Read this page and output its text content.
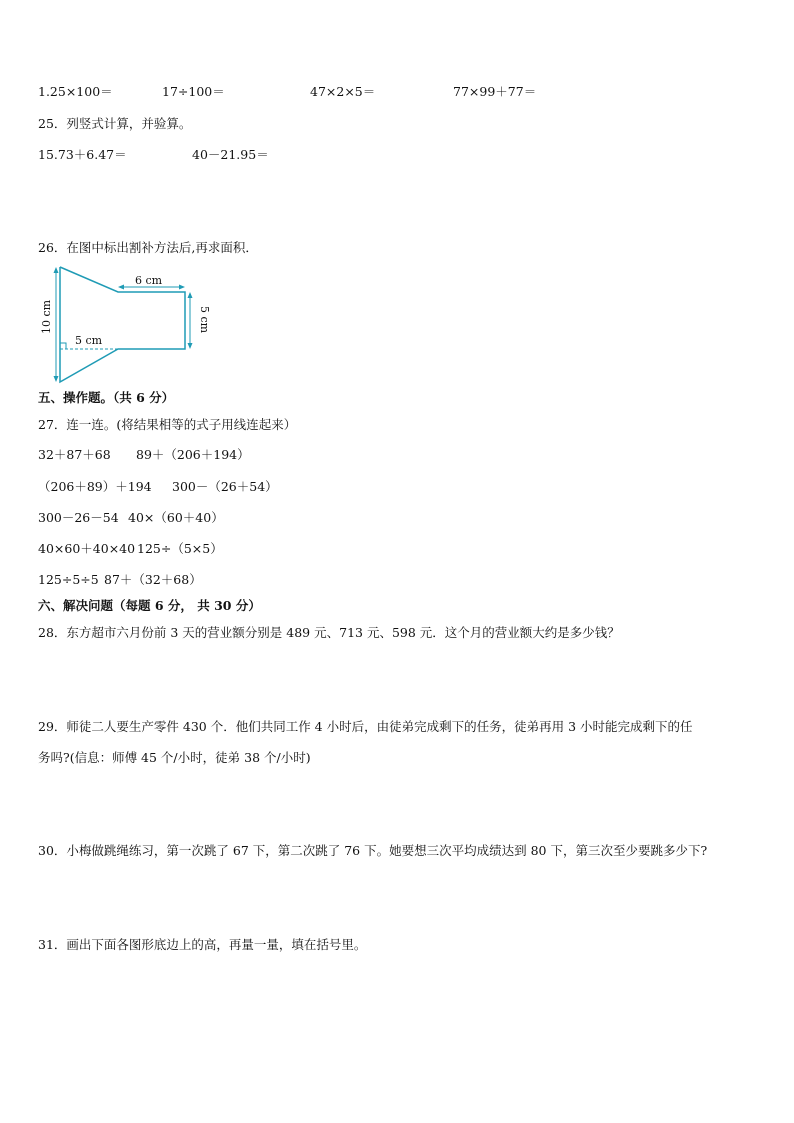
1.25×100＝	17÷100＝	47×2×5＝	77×99＋77＝
25．列竖式计算，并验算。
15.73＋6.47＝	40－21.95＝
26．在图中标出割补方法后,再求面积．
6 cm
5 cm
10 cm	5 cm
五、操作题。（共 6 分）
27．连一连。(将结果相等的式子用线连起来）
32＋87＋68 89＋（206＋194）
（206＋89）＋194 300－（26＋54）
300－26－54 40×（60＋40）
40×60＋40×40 125÷（5×5）
125÷5÷5 87＋（32＋68）
六、解决问题（每题 6 分， 共 30 分）
28．东方超市六月份前 3 天的营业额分别是 489 元、713 元、598 元．这个月的营业额大约是多少钱？
29．师徒二人要生产零件 430 个．他们共同工作 4 小时后，由徒弟完成剩下的任务，徒弟再用 3 小时能完成剩下的任
务吗?(信息：师傅 45 个/小时，徒弟 38 个/小时)
30．小梅做跳绳练习，第一次跳了 67 下，第二次跳了 76 下。她要想三次平均成绩达到 80 下，第三次至少要跳多少下?
31．画出下面各图形底边上的高，再量一量，填在括号里。
